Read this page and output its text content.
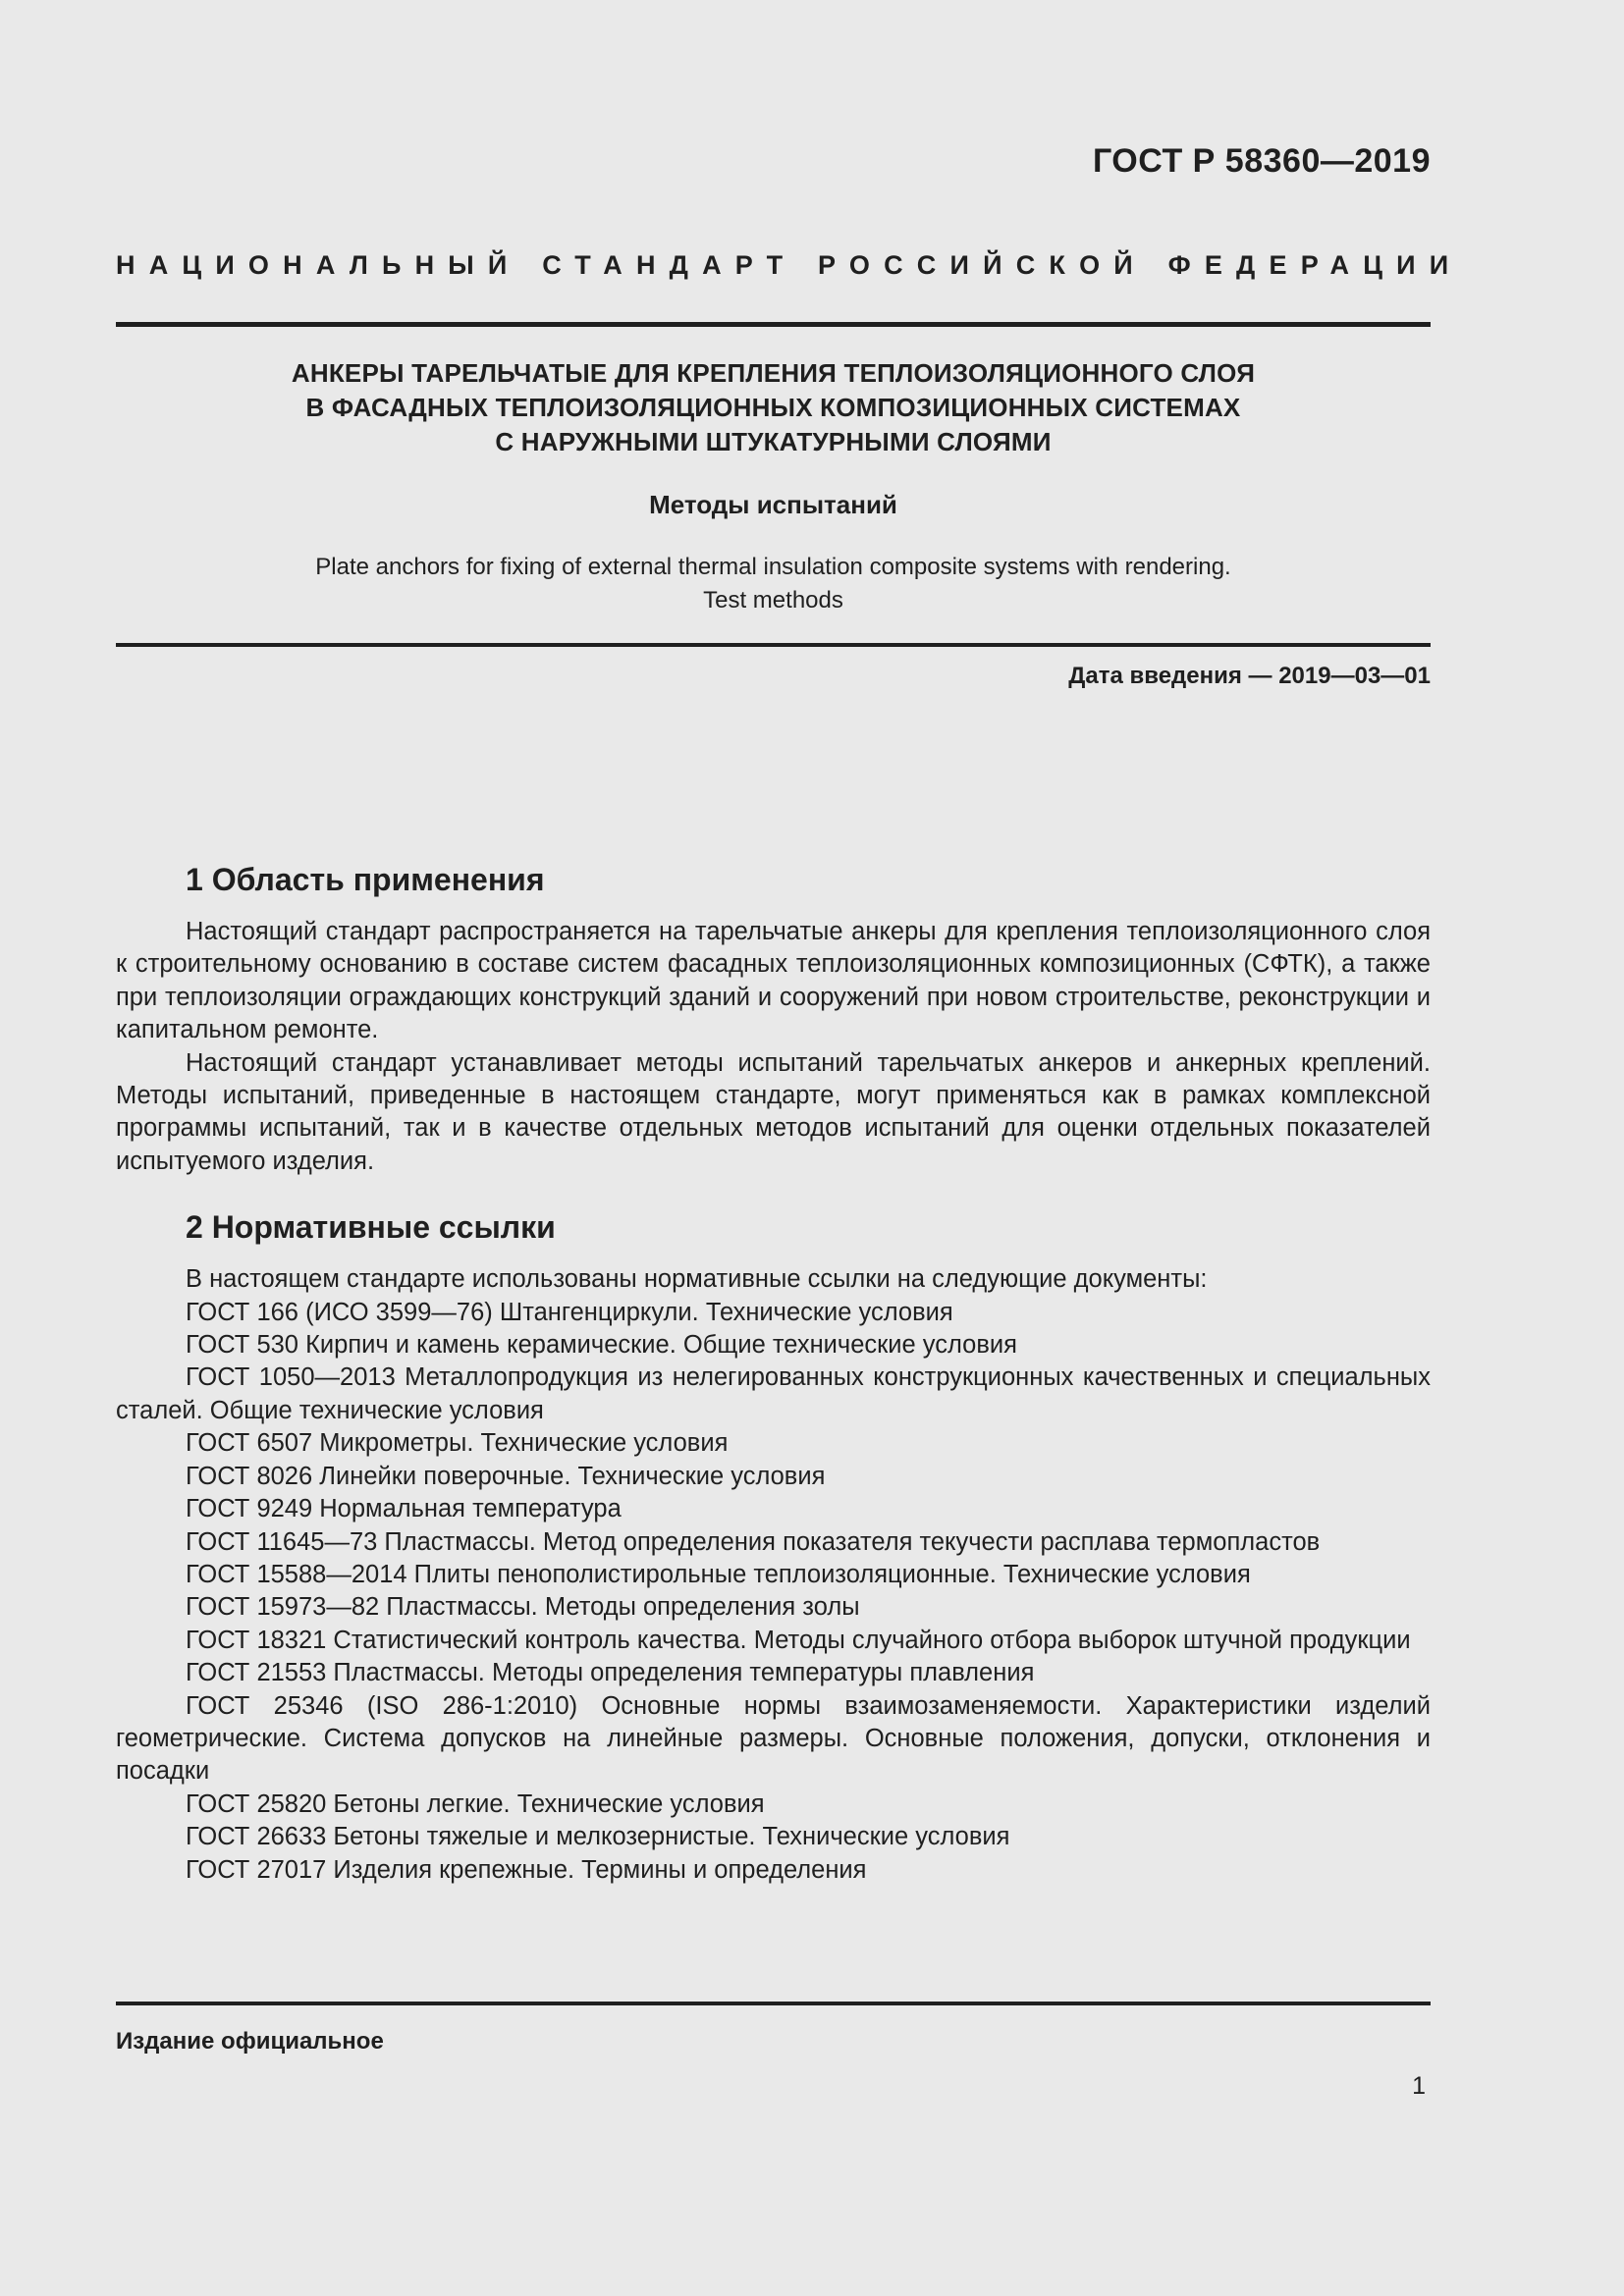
ГОСТ Р 58360—2019
НАЦИОНАЛЬНЫЙ СТАНДАРТ РОССИЙСКОЙ ФЕДЕРАЦИИ
АНКЕРЫ ТАРЕЛЬЧАТЫЕ ДЛЯ КРЕПЛЕНИЯ ТЕПЛОИЗОЛЯЦИОННОГО СЛОЯ
В ФАСАДНЫХ ТЕПЛОИЗОЛЯЦИОННЫХ КОМПОЗИЦИОННЫХ СИСТЕМАХ
С НАРУЖНЫМИ ШТУКАТУРНЫМИ СЛОЯМИ
Методы испытаний
Plate anchors for fixing of external thermal insulation composite systems with rendering.
Test methods
Дата введения — 2019—03—01
1 Область применения

Настоящий стандарт распространяется на тарельчатые анкеры для крепления теплоизоляционного слоя к строительному основанию в составе систем фасадных теплоизоляционных композиционных (СФТК), а также при теплоизоляции ограждающих конструкций зданий и сооружений при новом строительстве, реконструкции и капитальном ремонте.

Настоящий стандарт устанавливает методы испытаний тарельчатых анкеров и анкерных креплений. Методы испытаний, приведенные в настоящем стандарте, могут применяться как в рамках комплексной программы испытаний, так и в качестве отдельных методов испытаний для оценки отдельных показателей испытуемого изделия.

2 Нормативные ссылки

В настоящем стандарте использованы нормативные ссылки на следующие документы:

ГОСТ 166 (ИСО 3599—76) Штангенциркули. Технические условия

ГОСТ 530 Кирпич и камень керамические. Общие технические условия

ГОСТ 1050—2013 Металлопродукция из нелегированных конструкционных качественных и специальных сталей. Общие технические условия

ГОСТ 6507 Микрометры. Технические условия

ГОСТ 8026 Линейки поверочные. Технические условия

ГОСТ 9249 Нормальная температура

ГОСТ 11645—73 Пластмассы. Метод определения показателя текучести расплава термопластов

ГОСТ 15588—2014 Плиты пенополистирольные теплоизоляционные. Технические условия

ГОСТ 15973—82 Пластмассы. Методы определения золы

ГОСТ 18321 Статистический контроль качества. Методы случайного отбора выборок штучной продукции

ГОСТ 21553 Пластмассы. Методы определения температуры плавления

ГОСТ 25346 (ISO 286-1:2010) Основные нормы взаимозаменяемости. Характеристики изделий геометрические. Система допусков на линейные размеры. Основные положения, допуски, отклонения и посадки

ГОСТ 25820 Бетоны легкие. Технические условия

ГОСТ 26633 Бетоны тяжелые и мелкозернистые. Технические условия

ГОСТ 27017 Изделия крепежные. Термины и определения

Издание официальное
1
